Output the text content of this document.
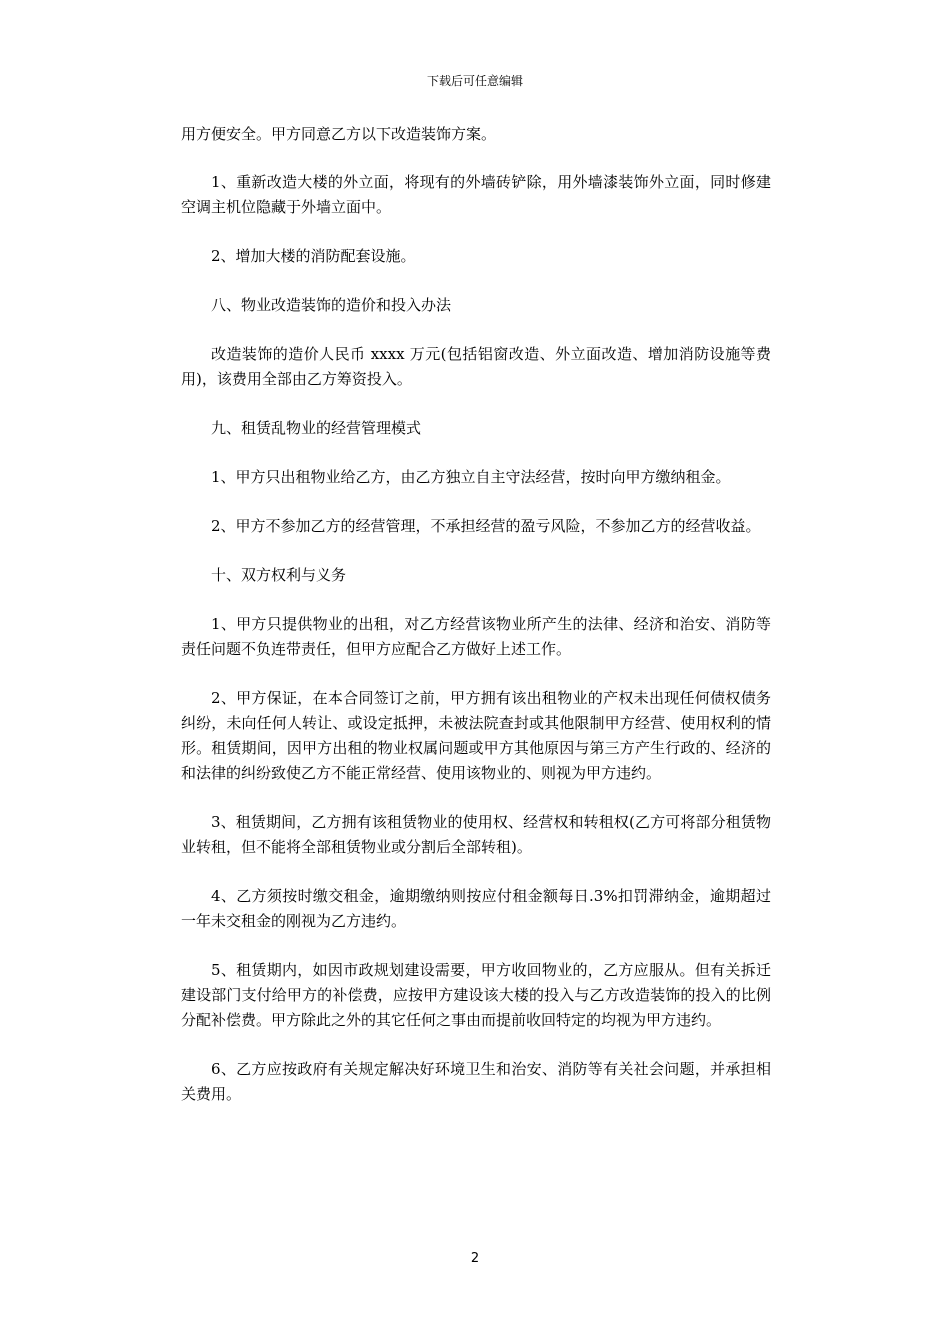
下载后可任意编辑

用方便安全。甲方同意乙方以下改造装饰方案。

1、重新改造大楼的外立面，将现有的外墙砖铲除，用外墙漆装饰外立面，同时修建空调主机位隐藏于外墙立面中。

2、增加大楼的消防配套设施。

八、物业改造装饰的造价和投入办法

改造装饰的造价人民币 xxxx 万元(包括铝窗改造、外立面改造、增加消防设施等费用)，该费用全部由乙方筹资投入。

九、租赁乱物业的经营管理模式

1、甲方只出租物业给乙方，由乙方独立自主守法经营，按时向甲方缴纳租金。

2、甲方不参加乙方的经营管理，不承担经营的盈亏风险，不参加乙方的经营收益。

十、双方权利与义务

1、甲方只提供物业的出租，对乙方经营该物业所产生的法律、经济和治安、消防等责任问题不负连带责任，但甲方应配合乙方做好上述工作。

2、甲方保证，在本合同签订之前，甲方拥有该出租物业的产权未出现任何债权债务纠纷，未向任何人转让、或设定抵押，未被法院查封或其他限制甲方经营、使用权利的情形。租赁期间，因甲方出租的物业权属问题或甲方其他原因与第三方产生行政的、经济的和法律的纠纷致使乙方不能正常经营、使用该物业的、则视为甲方违约。

3、租赁期间，乙方拥有该租赁物业的使用权、经营权和转租权(乙方可将部分租赁物业转租，但不能将全部租赁物业或分割后全部转租)。

4、乙方须按时缴交租金，逾期缴纳则按应付租金额每日.3%扣罚滞纳金，逾期超过一年未交租金的刚视为乙方违约。

5、租赁期内，如因市政规划建设需要，甲方收回物业的，乙方应服从。但有关拆迁建设部门支付给甲方的补偿费，应按甲方建设该大楼的投入与乙方改造装饰的投入的比例分配补偿费。甲方除此之外的其它任何之事由而提前收回特定的均视为甲方违约。

6、乙方应按政府有关规定解决好环境卫生和治安、消防等有关社会问题，并承担相关费用。

2
